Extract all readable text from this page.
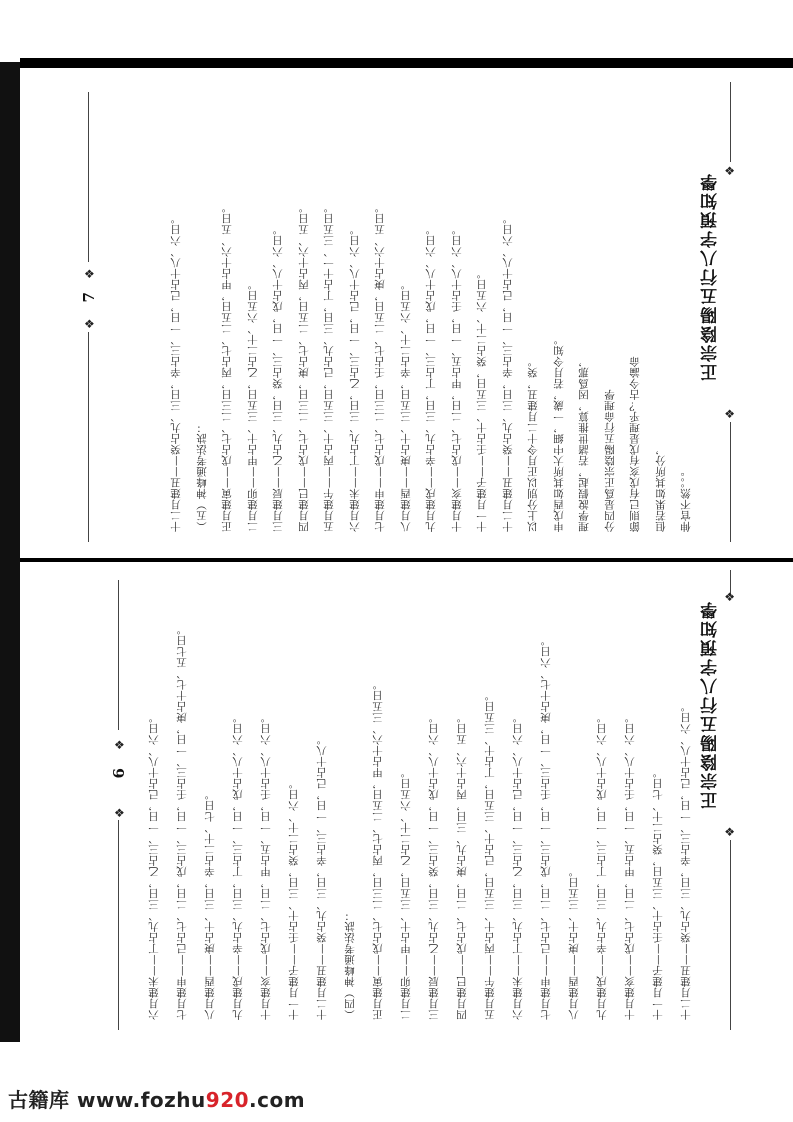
正宗陰陽五行八字預知學
❖
❖
❖
❖
7
伸官不然。。。
但若果如其所分，
節則已有戊亥有戊是理乎？古今論命
分四是爲正宗陰陽五行命理學
理學說假起，若諸世推算，因爲那，
申戊酉如其所大中細，一歲，若月令知。
以上分別以正月令十二月建丑，癸。
十二月建丑——癸占九、三日，辛占三、一日，己占十八、六日。
十一月建子——壬占十、三五日，癸占二十、六五日。
十月建亥——戊占七、二日，甲占五、一日，壬占十八、六日。
九月建戌——辛占九、三日，丁占三、一日，戊占十八、六日。
八月建酉——庚占十、三五日，辛占二十、六五日。
七月建申——戊占七、二三日，壬占七、二五日，庚占十六、五日。
六月建未——丁占九、三日，乙占三、一日，己占十八、六日。
五月建午——丙占十、三五日，己占九、三日，丁占十一、三五日。
四月建巳——戊占七、二三日，庚占七、二五日，丙占十六、五日。
三月建辰——乙占九、三日，癸占三、一日，戊占十八、六日。
二月建卯——甲占十、三五日，乙占二十、六五日。
正月建寅——戊占七、二三日，丙占七、二五日，甲占十六、五日。
（五）神峰通考法訣：
十二月建丑——癸占九、三日，辛占三、一日，己占十八、六日。
正宗陰陽五行八字預知學
❖
❖
❖
❖
6	十二月建丑——癸占九、三日，辛占三、一日，己占十八、六日。
十一月建子——壬占十、三五日，癸占二十、七日。
十月建亥——戊占七、二日，甲占五、一日，壬占十八、六日。
九月建戌——辛占九、三日，丁占三、一日，戊占十八、六日。
八月建酉——庚占十、三五日。
七月建申——己占七、二日，戊占三、一日，壬占三、一日，庚占十七、六日。
六月建未——丁占九、三日，乙占三、一日，己占十八、六日。
五月建午——丙占十、三五日，己占十、三五日，丁占十、三五日。
四月建巳——戊占七、二日，庚占九、三日，丙占十六、五日。
三月建辰——乙占九、三日，癸占三、一日，戊占十八、六日。
二月建卯——甲占十、三五日，乙占二十、六五日。
正月建寅——戊占七、二三日，丙占七、二五日，甲占十六、三五日。
（四）神峰通考法訣：
十二月建丑——癸占九、三日，辛占三、一日，己占十八。
十一月建子——壬占十、三日，癸占二十、六日。
十月建亥——戊占七、二日，甲占五、一日，壬占十八、六日。
九月建戌——辛占九、三日，丁占三、一日，戊占十八、六日。
八月建酉——庚占十、三日，辛占二十、七日。
七月建申——己占七、二日，戊占三、一日，壬占三、一日，庚占十七、五七日。
六月建未——丁占九、三日，乙占三、一日，己占十八、六日。
古籍库 www.fozhu920.com
